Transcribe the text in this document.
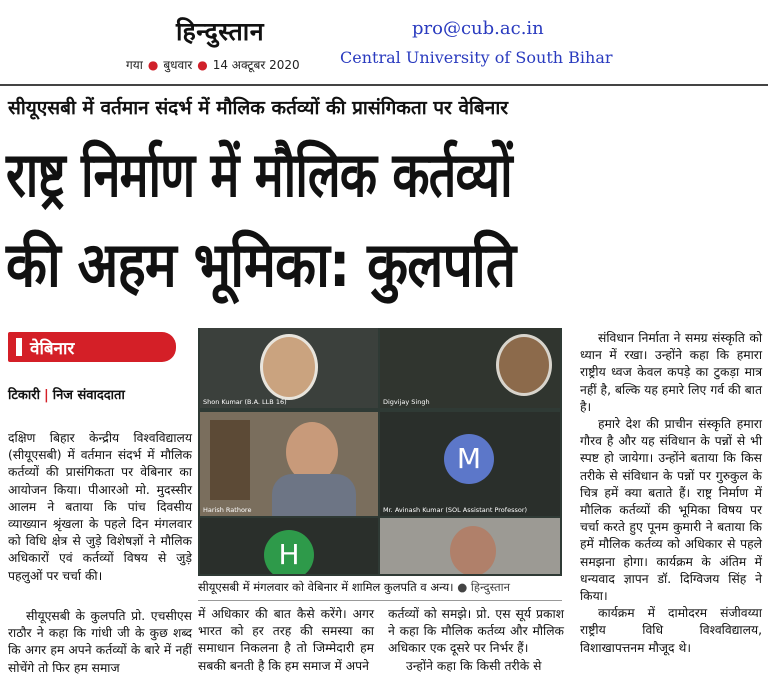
हिन्दुस्तान
गया ● बुधवार ● 14 अक्टूबर 2020
pro@cub.ac.in
Central University of South Bihar
सीयूएसबी में वर्तमान संदर्भ में मौलिक कर्तव्यों की प्रासंगिकता पर वेबिनार
राष्ट्र निर्माण में मौलिक कर्तव्यों
की अहम भूमिका: कुलपति
वेबिनार
टिकारी | निज संवाददाता
दक्षिण बिहार केन्द्रीय विश्वविद्यालय (सीयूएसबी) में वर्तमान संदर्भ में मौलिक कर्तव्यों की प्रासंगिकता पर वेबिनार का आयोजन किया। पीआरओ मो. मुदस्सीर आलम ने बताया कि पांच दिवसीय व्याख्यान श्रृंखला के पहले दिन मंगलवार को विधि क्षेत्र से जुड़े विशेषज्ञों ने मौलिक अधिकारों एवं कर्तव्यों विषय से जुड़े पहलुओं पर चर्चा की।
सीयूएसबी के कुलपति प्रो. एचसीएस राठौर ने कहा कि गांधी जी के कुछ शब्द कि अगर हम अपने कर्तव्यों के बारे में नहीं सोचेंगे तो फिर हम समाज
Shon Kumar (B.A. LLB 16)	Digvijay Singh
Harish Rathore
M
Mr. Avinash Kumar (SOL Assistant Professor)
H
सीयूएसबी में मंगलवार को वेबिनार में शामिल कुलपति व अन्य। ● हिन्दुस्तान
में अधिकार की बात कैसे करेंगे। अगर भारत को हर तरह की समस्या का समाधान निकलना है तो जिम्मेदारी हम सबकी बनती है कि हम समाज में अपने
कर्तव्यों को समझे। प्रो. एस सूर्य प्रकाश ने कहा कि मौलिक कर्तव्य और मौलिक अधिकार एक दूसरे पर निर्भर हैं।
उन्होंने कहा कि किसी तरीके से
संविधान निर्माता ने समग्र संस्कृति को ध्यान में रखा। उन्होंने कहा कि हमारा राष्ट्रीय ध्वज केवल कपड़े का टुकड़ा मात्र नहीं है, बल्कि यह हमारे लिए गर्व की बात है।
हमारे देश की प्राचीन संस्कृति हमारा गौरव है और यह संविधान के पन्नों से भी स्पष्ट हो जायेगा। उन्होंने बताया कि किस तरीके से संविधान के पन्नों पर गुरुकुल के चित्र हमें क्या बताते हैं। राष्ट्र निर्माण में मौलिक कर्तव्यों की भूमिका विषय पर चर्चा करते हुए पूनम कुमारी ने बताया कि हमें मौलिक कर्तव्य को अधिकार से पहले समझना होगा। कार्यक्रम के अंतिम में धन्यवाद ज्ञापन डॉ. दिग्विजय सिंह ने किया।
कार्यक्रम में दामोदरम संजीवय्या राष्ट्रीय विधि विश्वविद्यालय, विशाखापत्तनम मौजूद थे।
